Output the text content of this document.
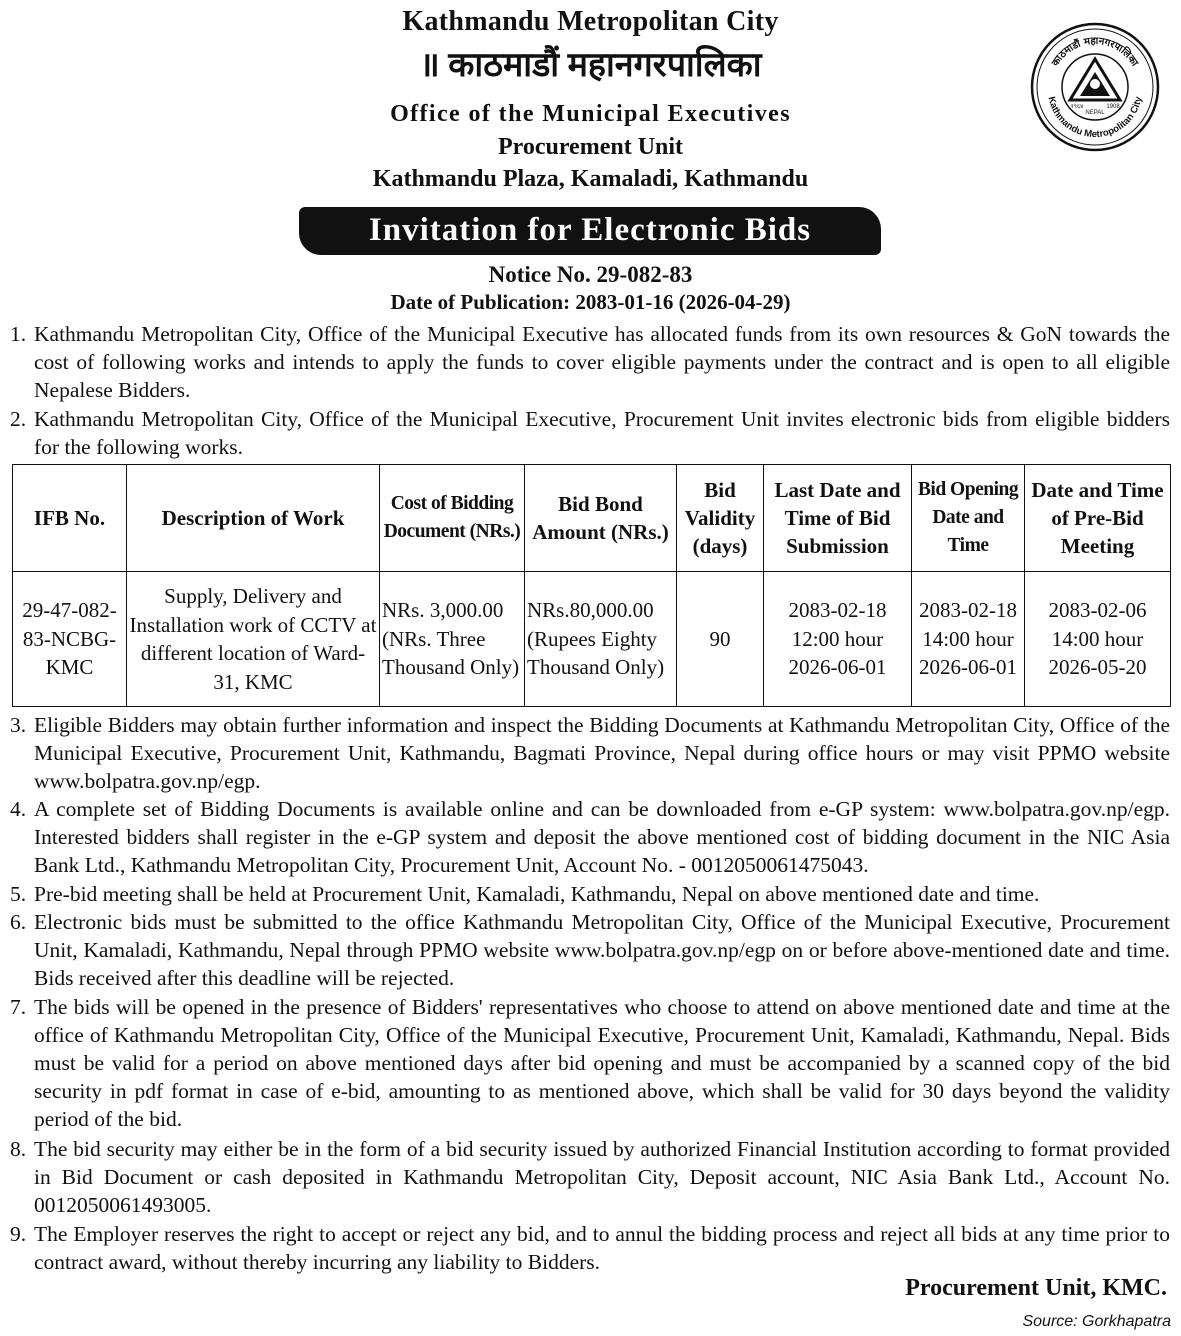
Kathmandu Metropolitan City
॥ काठमाडौं महानगरपालिका
Office of the Municipal Executives
Procurement Unit
Kathmandu Plaza, Kamaladi, Kathmandu
Invitation for Electronic Bids
Notice No. 29-082-83
Date of Publication: 2083-01-16 (2026-04-29)
काठमाडौं महानगरपालिका
Kathmandu Metropolitan City
NEPAL
१९६४	1908
1. Kathmandu Metropolitan City, Office of the Municipal Executive has allocated funds from its own resources & GoN towards the cost of following works and intends to apply the funds to cover eligible payments under the contract and is open to all eligible Nepalese Bidders.
2. Kathmandu Metropolitan City, Office of the Municipal Executive, Procurement Unit invites electronic bids from eligible bidders for the following works.
IFB No.	Description of Work	Cost of Bidding Document (NRs.)	Bid Bond Amount (NRs.)	Bid Validity (days)	Last Date and Time of Bid Submission	Bid Opening Date and Time	Date and Time of Pre-Bid Meeting
29-47-082-83-NCBG-KMC	Supply, Delivery and Installation work of CCTV at different location of Ward-31, KMC	NRs. 3,000.00 (NRs. Three Thousand Only)	NRs.80,000.00 (Rupees Eighty Thousand Only)	90	2083-02-18 12:00 hour 2026-06-01	2083-02-18 14:00 hour 2026-06-01	2083-02-06 14:00 hour 2026-05-20
3. Eligible Bidders may obtain further information and inspect the Bidding Documents at Kathmandu Metropolitan City, Office of the Municipal Executive, Procurement Unit, Kathmandu, Bagmati Province, Nepal during office hours or may visit PPMO website www.bolpatra.gov.np/egp.
4. A complete set of Bidding Documents is available online and can be downloaded from e-GP system: www.bolpatra.gov.np/egp. Interested bidders shall register in the e-GP system and deposit the above mentioned cost of bidding document in the NIC Asia Bank Ltd., Kathmandu Metropolitan City, Procurement Unit, Account No. - 0012050061475043.
5. Pre-bid meeting shall be held at Procurement Unit, Kamaladi, Kathmandu, Nepal on above mentioned date and time.
6. Electronic bids must be submitted to the office Kathmandu Metropolitan City, Office of the Municipal Executive, Procurement Unit, Kamaladi, Kathmandu, Nepal through PPMO website www.bolpatra.gov.np/egp on or before above-mentioned date and time. Bids received after this deadline will be rejected.
7. The bids will be opened in the presence of Bidders' representatives who choose to attend on above mentioned date and time at the office of Kathmandu Metropolitan City, Office of the Municipal Executive, Procurement Unit, Kamaladi, Kathmandu, Nepal. Bids must be valid for a period on above mentioned days after bid opening and must be accompanied by a scanned copy of the bid security in pdf format in case of e-bid, amounting to as mentioned above, which shall be valid for 30 days beyond the validity period of the bid.
8. The bid security may either be in the form of a bid security issued by authorized Financial Institution according to format provided in Bid Document or cash deposited in Kathmandu Metropolitan City, Deposit account, NIC Asia Bank Ltd., Account No. 0012050061493005.
9. The Employer reserves the right to accept or reject any bid, and to annul the bidding process and reject all bids at any time prior to contract award, without thereby incurring any liability to Bidders.
Procurement Unit, KMC.
Source: Gorkhapatra
